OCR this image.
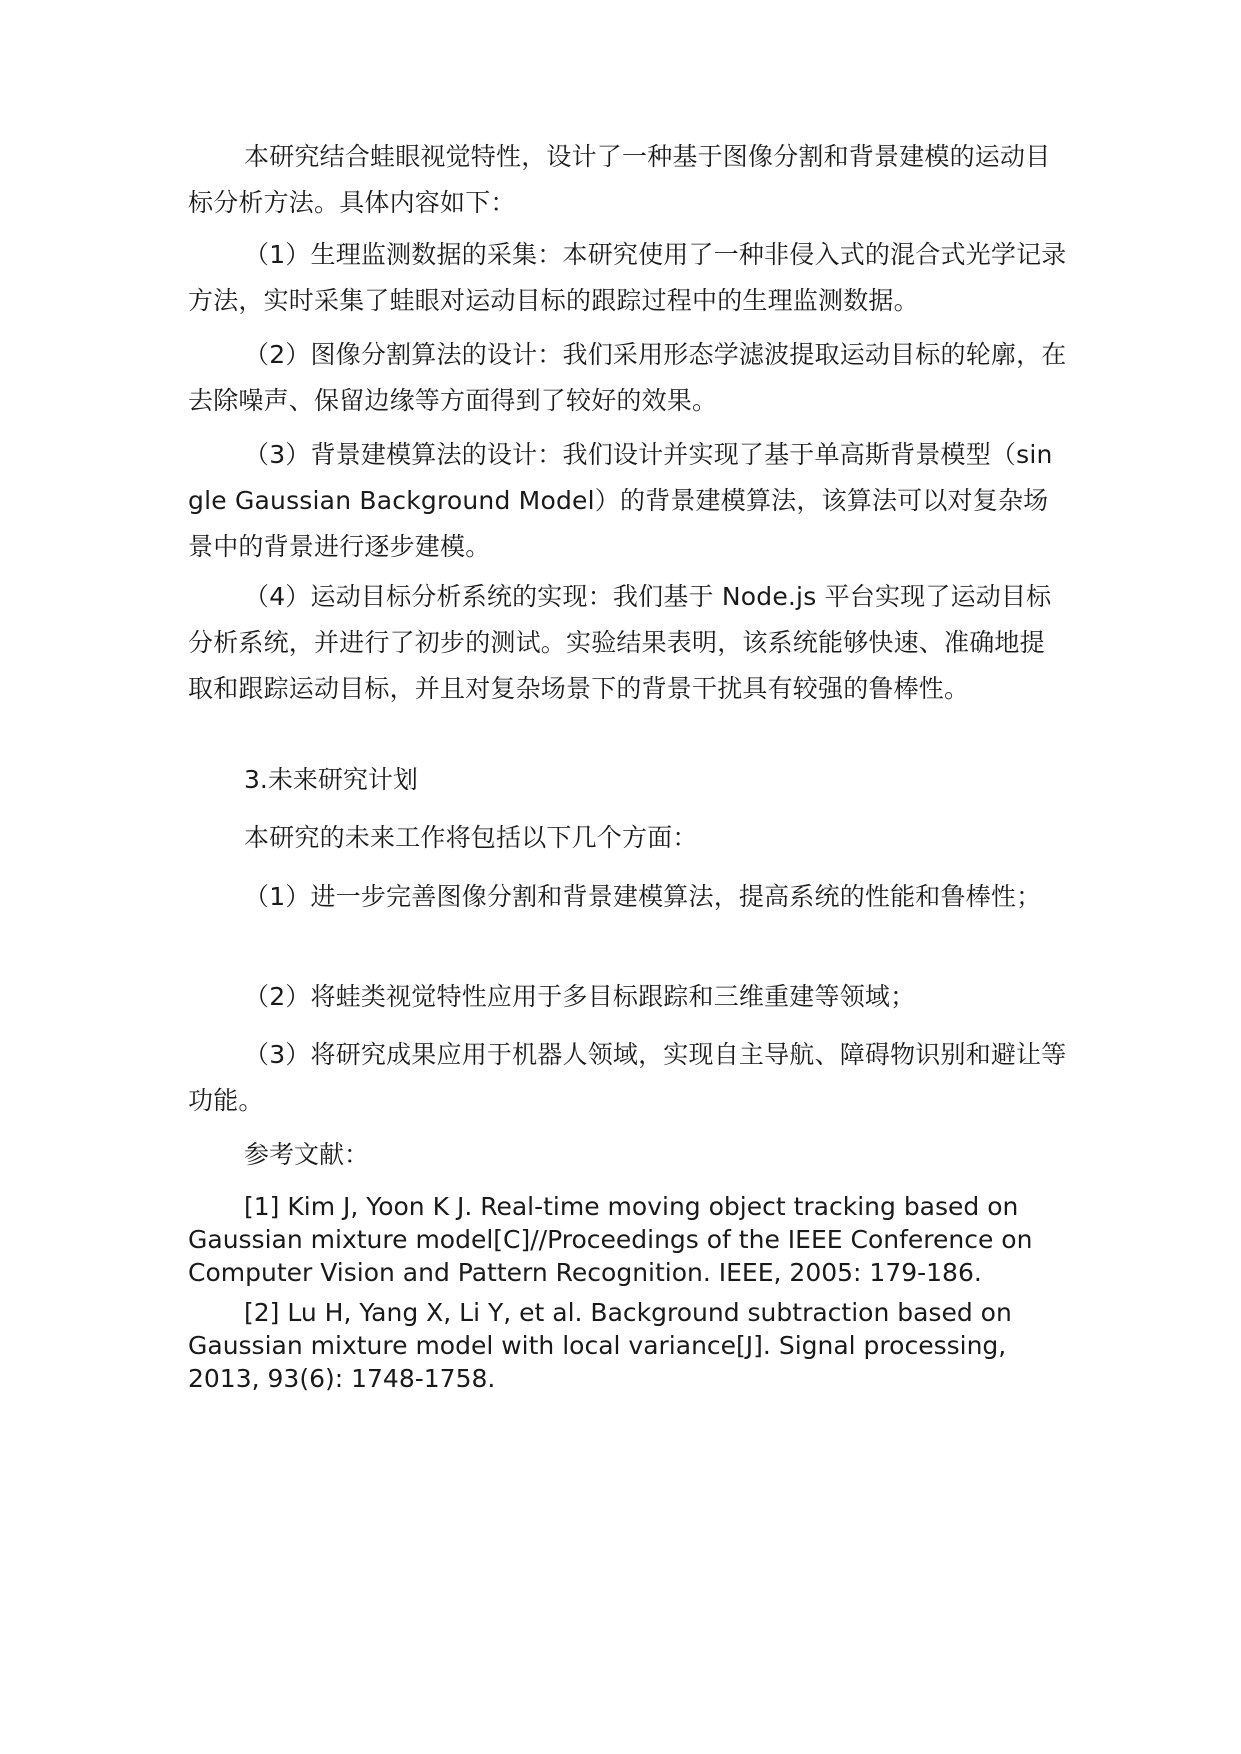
本研究结合蛙眼视觉特性，设计了一种基于图像分割和背景建模的运动目标分析方法。具体内容如下：

（1）生理监测数据的采集：本研究使用了一种非侵入式的混合式光学记录方法，实时采集了蛙眼对运动目标的跟踪过程中的生理监测数据。

（2）图像分割算法的设计：我们采用形态学滤波提取运动目标的轮廓，在去除噪声、保留边缘等方面得到了较好的效果。

（3）背景建模算法的设计：我们设计并实现了基于单高斯背景模型（single Gaussian Background Model）的背景建模算法，该算法可以对复杂场景中的背景进行逐步建模。

（4）运动目标分析系统的实现：我们基于 Node.js 平台实现了运动目标分析系统，并进行了初步的测试。实验结果表明，该系统能够快速、准确地提取和跟踪运动目标，并且对复杂场景下的背景干扰具有较强的鲁棒性。

3.未来研究计划

本研究的未来工作将包括以下几个方面：

（1）进一步完善图像分割和背景建模算法，提高系统的性能和鲁棒性；

（2）将蛙类视觉特性应用于多目标跟踪和三维重建等领域；

（3）将研究成果应用于机器人领域，实现自主导航、障碍物识别和避让等功能。

参考文献：

[1] Kim J, Yoon K J. Real-time moving object tracking based on Gaussian mixture model[C]//Proceedings of the IEEE Conference on Computer Vision and Pattern Recognition. IEEE, 2005: 179-186.

[2] Lu H, Yang X, Li Y, et al. Background subtraction based on Gaussian mixture model with local variance[J]. Signal processing, 2013, 93(6): 1748-1758.
